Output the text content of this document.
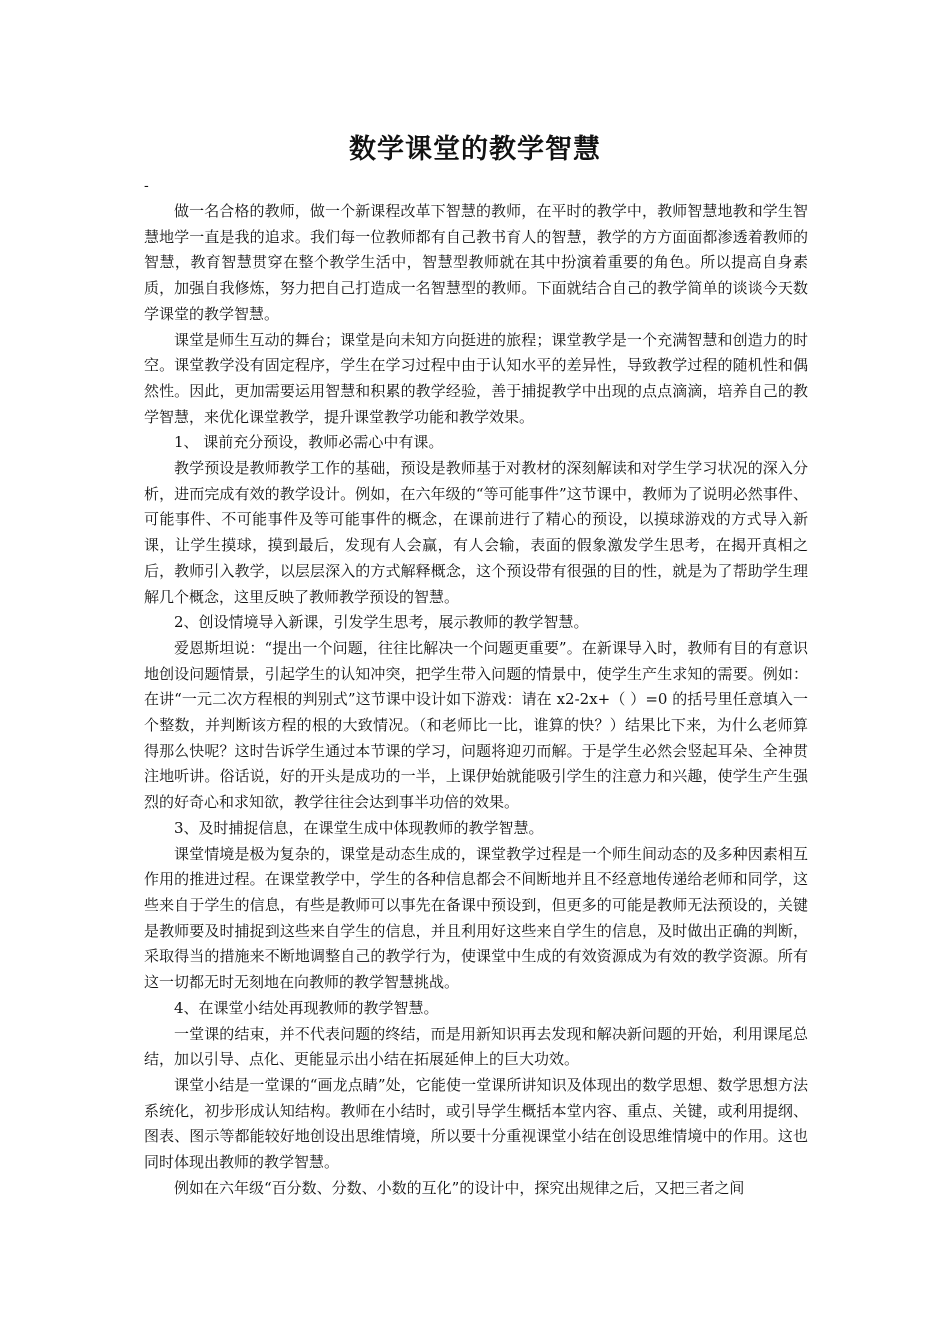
数学课堂的教学智慧
-

做一名合格的教师，做一个新课程改革下智慧的教师，在平时的教学中，教师智慧地教和学生智慧地学一直是我的追求。我们每一位教师都有自己教书育人的智慧，教学的方方面面都渗透着教师的智慧，教育智慧贯穿在整个教学生活中，智慧型教师就在其中扮演着重要的角色。所以提高自身素质，加强自我修炼，努力把自己打造成一名智慧型的教师。下面就结合自己的教学简单的谈谈今天数学课堂的教学智慧。

课堂是师生互动的舞台；课堂是向未知方向挺进的旅程；课堂教学是一个充满智慧和创造力的时空。课堂教学没有固定程序，学生在学习过程中由于认知水平的差异性，导致教学过程的随机性和偶然性。因此，更加需要运用智慧和积累的教学经验，善于捕捉教学中出现的点点滴滴，培养自己的教学智慧，来优化课堂教学，提升课堂教学功能和教学效果。

1、 课前充分预设，教师必需心中有课。

教学预设是教师教学工作的基础，预设是教师基于对教材的深刻解读和对学生学习状况的深入分析，进而完成有效的教学设计。例如，在六年级的“等可能事件”这节课中，教师为了说明必然事件、可能事件、不可能事件及等可能事件的概念，在课前进行了精心的预设，以摸球游戏的方式导入新课，让学生摸球，摸到最后，发现有人会赢，有人会输，表面的假象激发学生思考，在揭开真相之后，教师引入教学，以层层深入的方式解释概念，这个预设带有很强的目的性，就是为了帮助学生理解几个概念，这里反映了教师教学预设的智慧。

2、创设情境导入新课，引发学生思考，展示教师的教学智慧。

爱恩斯坦说：“提出一个问题，往往比解决一个问题更重要”。在新课导入时，教师有目的有意识地创设问题情景，引起学生的认知冲突，把学生带入问题的情景中，使学生产生求知的需要。例如：在讲“一元二次方程根的判别式”这节课中设计如下游戏：请在 x2-2x+（ ）=0 的括号里任意填入一个整数，并判断该方程的根的大致情况。（和老师比一比，谁算的快？）结果比下来，为什么老师算得那么快呢？这时告诉学生通过本节课的学习，问题将迎刃而解。于是学生必然会竖起耳朵、全神贯注地听讲。俗话说，好的开头是成功的一半，上课伊始就能吸引学生的注意力和兴趣，使学生产生强烈的好奇心和求知欲，教学往往会达到事半功倍的效果。

3、及时捕捉信息，在课堂生成中体现教师的教学智慧。

课堂情境是极为复杂的，课堂是动态生成的，课堂教学过程是一个师生间动态的及多种因素相互作用的推进过程。在课堂教学中，学生的各种信息都会不间断地并且不经意地传递给老师和同学，这些来自于学生的信息，有些是教师可以事先在备课中预设到，但更多的可能是教师无法预设的，关键是教师要及时捕捉到这些来自学生的信息，并且利用好这些来自学生的信息，及时做出正确的判断，采取得当的措施来不断地调整自己的教学行为，使课堂中生成的有效资源成为有效的教学资源。所有这一切都无时无刻地在向教师的教学智慧挑战。

4、在课堂小结处再现教师的教学智慧。

一堂课的结束，并不代表问题的终结，而是用新知识再去发现和解决新问题的开始，利用课尾总结，加以引导、点化、更能显示出小结在拓展延伸上的巨大功效。

课堂小结是一堂课的“画龙点睛”处，它能使一堂课所讲知识及体现出的数学思想、数学思想方法系统化，初步形成认知结构。教师在小结时，或引导学生概括本堂内容、重点、关键，或利用提纲、图表、图示等都能较好地创设出思维情境，所以要十分重视课堂小结在创设思维情境中的作用。这也同时体现出教师的教学智慧。

例如在六年级“百分数、分数、小数的互化”的设计中，探究出规律之后，又把三者之间
